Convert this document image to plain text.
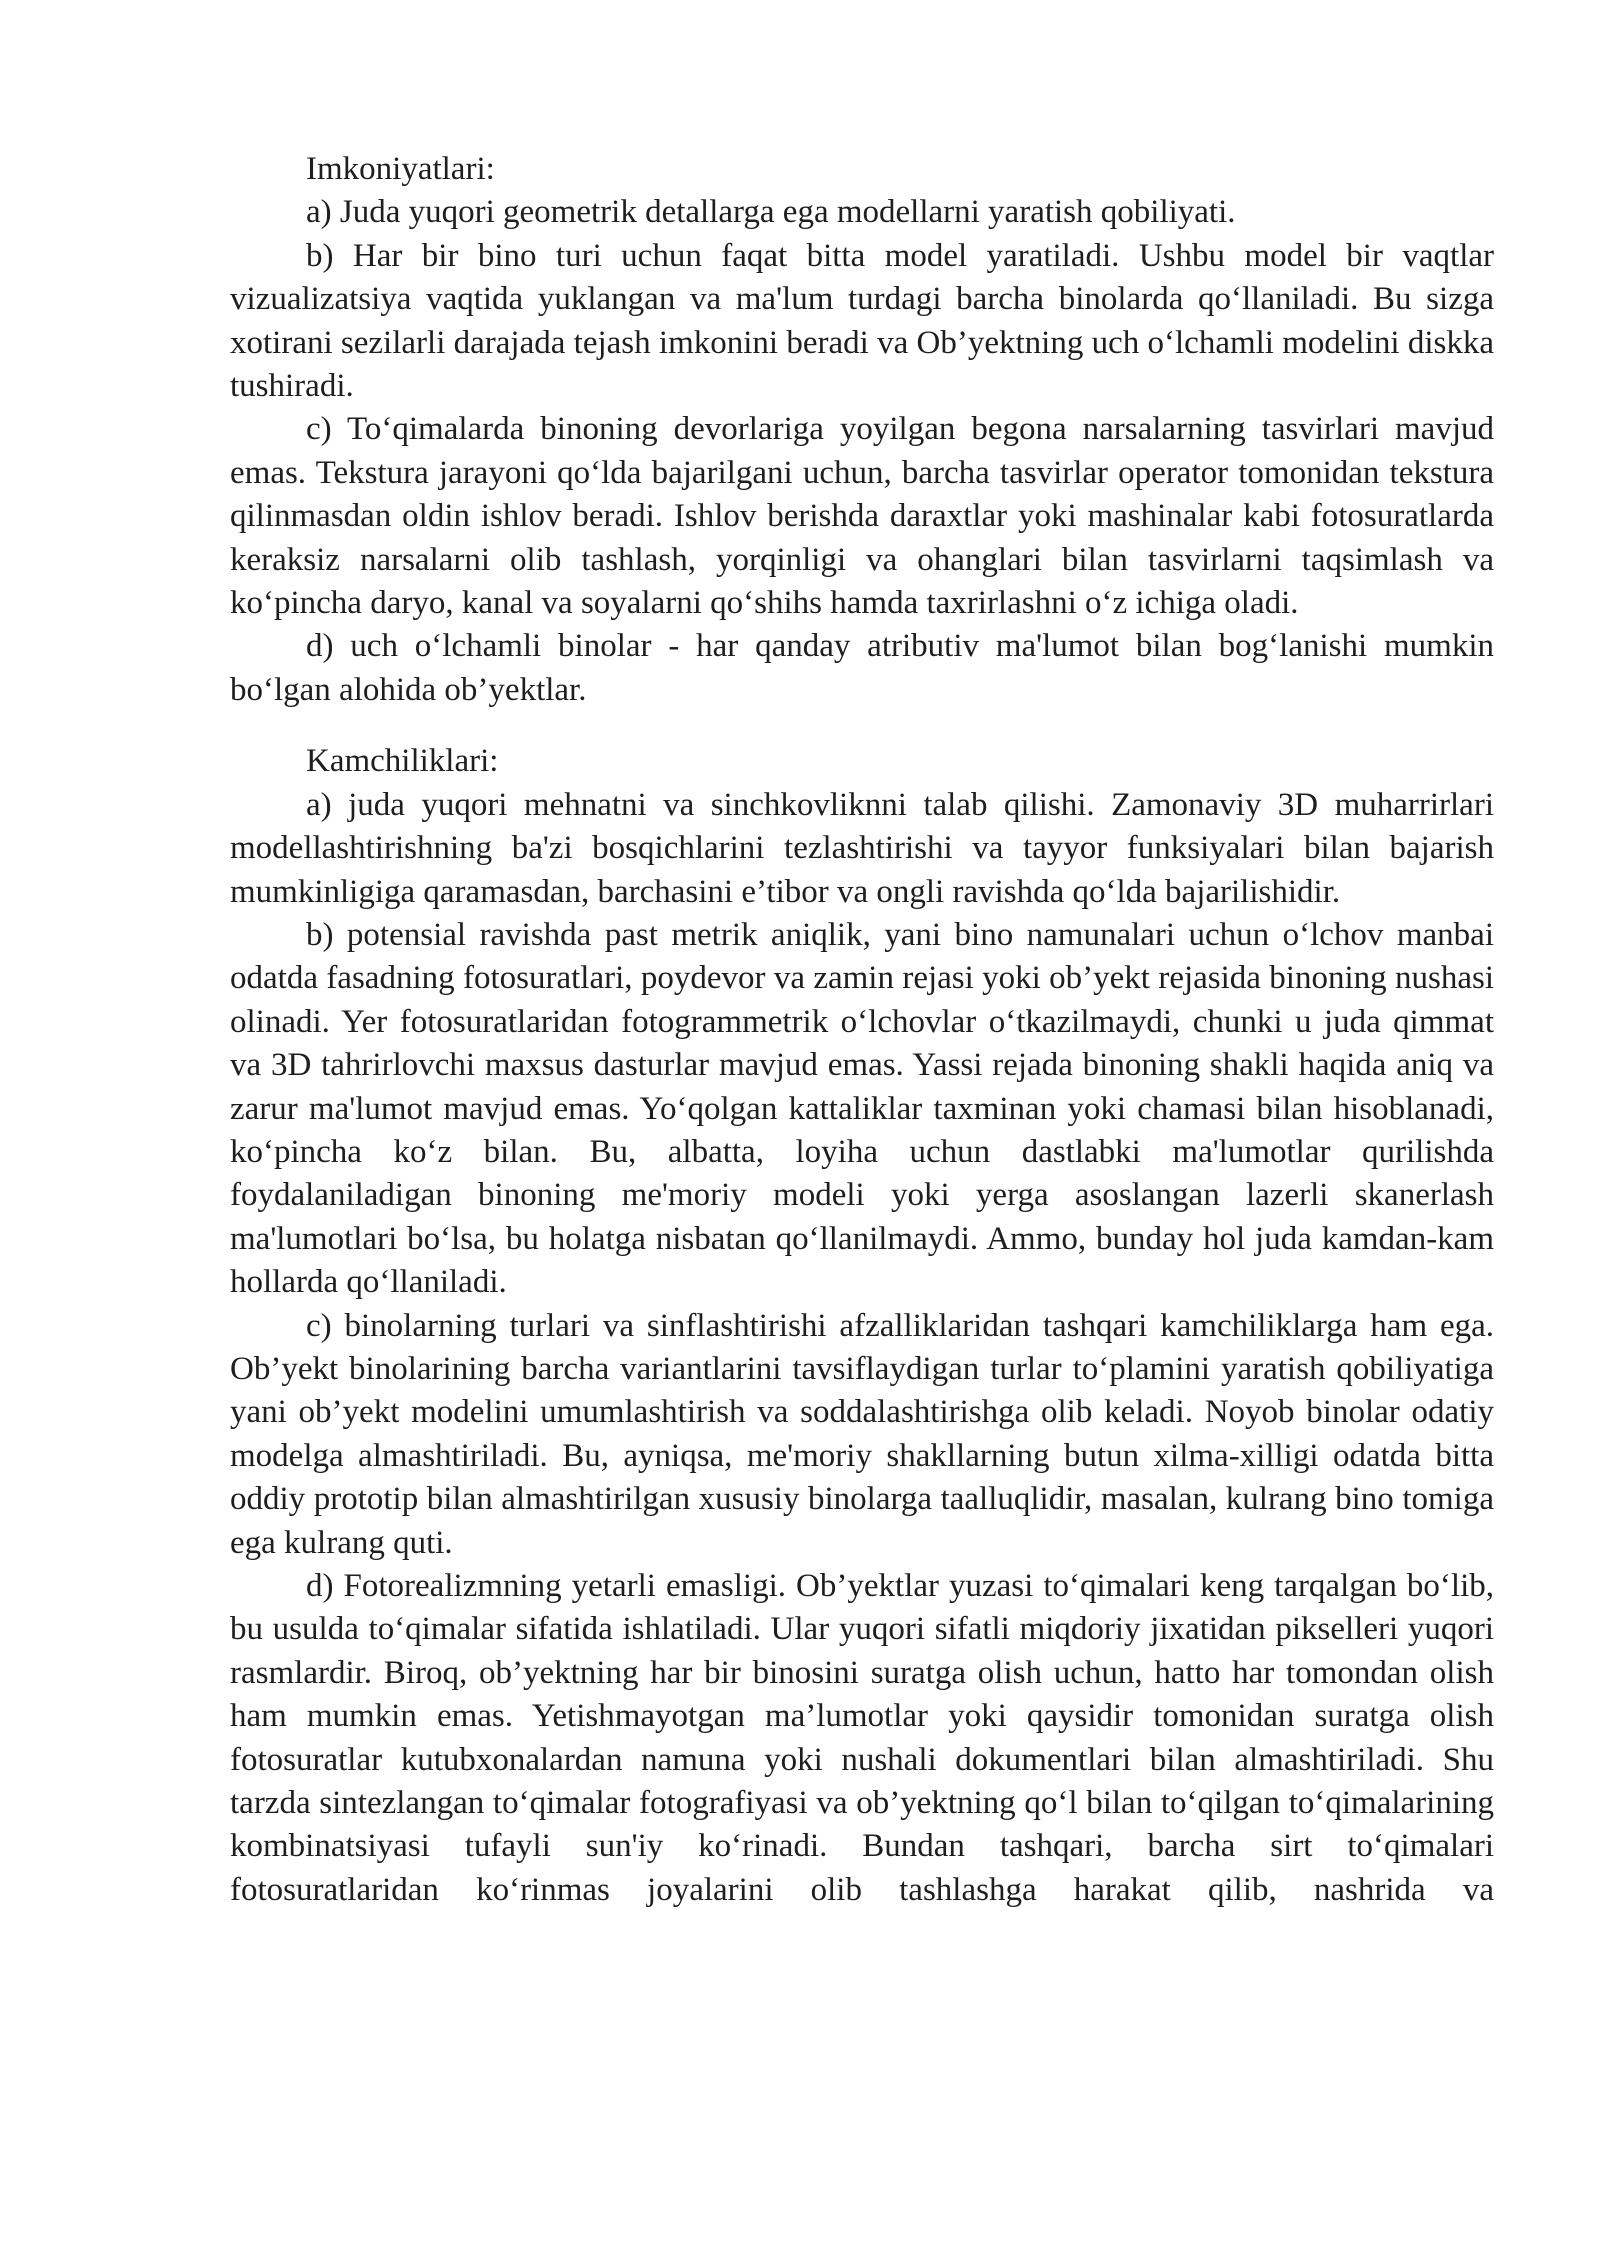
Imkoniyatlari:

a) Juda yuqori geometrik detallarga ega modellarni yaratish qobiliyati.

b) Har bir bino turi uchun faqat bitta model yaratiladi. Ushbu model bir vaqtlar vizualizatsiya vaqtida yuklangan va ma'lum turdagi barcha binolarda qo‘llaniladi. Bu sizga xotirani sezilarli darajada tejash imkonini beradi va Ob’yektning uch o‘lchamli modelini diskka tushiradi.

c) To‘qimalarda binoning devorlariga yoyilgan begona narsalarning tasvirlari mavjud emas. Tekstura jarayoni qo‘lda bajarilgani uchun, barcha tasvirlar operator tomonidan tekstura qilinmasdan oldin ishlov beradi. Ishlov berishda daraxtlar yoki mashinalar kabi fotosuratlarda keraksiz narsalarni olib tashlash, yorqinligi va ohanglari bilan tasvirlarni taqsimlash va ko‘pincha daryo, kanal va soyalarni qo‘shihs hamda taxrirlashni o‘z ichiga oladi.

d) uch o‘lchamli binolar - har qanday atributiv ma'lumot bilan bog‘lanishi mumkin bo‘lgan alohida ob’yektlar.

Kamchiliklari:

a) juda yuqori mehnatni va sinchkovliknni talab qilishi. Zamonaviy 3D muharrirlari modellashtirishning ba'zi bosqichlarini tezlashtirishi va tayyor funksiyalari bilan bajarish mumkinligiga qaramasdan, barchasini e’tibor va ongli ravishda qo‘lda bajarilishidir.

b) potensial ravishda past metrik aniqlik, yani bino namunalari uchun o‘lchov manbai odatda fasadning fotosuratlari, poydevor va zamin rejasi yoki ob’yekt rejasida binoning nushasi olinadi. Yer fotosuratlaridan fotogrammetrik o‘lchovlar o‘tkazilmaydi, chunki u juda qimmat va 3D tahrirlovchi maxsus dasturlar mavjud emas. Yassi rejada binoning shakli haqida aniq va zarur ma'lumot mavjud emas. Yo‘qolgan kattaliklar taxminan yoki chamasi bilan hisoblanadi, ko‘pincha ko‘z bilan. Bu, albatta, loyiha uchun dastlabki ma'lumotlar qurilishda foydalaniladigan binoning me'moriy modeli yoki yerga asoslangan lazerli skanerlash ma'lumotlari bo‘lsa, bu holatga nisbatan qo‘llanilmaydi. Ammo, bunday hol juda kamdan-kam hollarda qo‘llaniladi.

c) binolarning turlari va sinflashtirishi afzalliklaridan tashqari kamchiliklarga ham ega. Ob’yekt binolarining barcha variantlarini tavsiflaydigan turlar to‘plamini yaratish qobiliyatiga yani ob’yekt modelini umumlashtirish va soddalashtirishga olib keladi. Noyob binolar odatiy modelga almashtiriladi. Bu, ayniqsa, me'moriy shakllarning butun xilma-xilligi odatda bitta oddiy prototip bilan almashtirilgan xususiy binolarga taalluqlidir, masalan, kulrang bino tomiga ega kulrang quti.

d) Fotorealizmning yetarli emasligi. Ob’yektlar yuzasi to‘qimalari keng tarqalgan bo‘lib, bu usulda to‘qimalar sifatida ishlatiladi. Ular yuqori sifatli miqdoriy jixatidan pikselleri yuqori rasmlardir. Biroq, ob’yektning har bir binosini suratga olish uchun, hatto har tomondan olish ham mumkin emas. Yetishmayotgan ma’lumotlar yoki qaysidir tomonidan suratga olish fotosuratlar kutubxonalardan namuna yoki nushali dokumentlari bilan almashtiriladi. Shu tarzda sintezlangan to‘qimalar fotografiyasi va ob’yektning qo‘l bilan to‘qilgan to‘qimalarining kombinatsiyasi tufayli sun'iy ko‘rinadi. Bundan tashqari, barcha sirt to‘qimalari fotosuratlaridan ko‘rinmas joyalarini olib tashlashga harakat qilib, nashrida va
